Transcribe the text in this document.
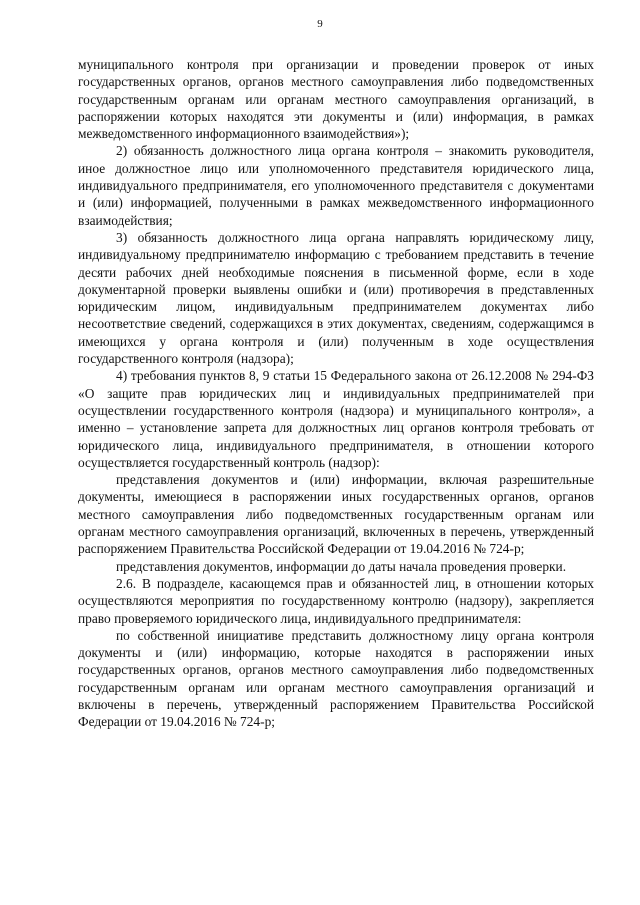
9

муниципального контроля при организации и проведении проверок от иных государственных органов, органов местного самоуправления либо подведомственных государственным органам или органам местного самоуправления организаций, в распоряжении которых находятся эти документы и (или) информация, в рамках межведомственного информационного взаимодействия»);

2) обязанность должностного лица органа контроля – знакомить руководителя, иное должностное лицо или уполномоченного представителя юридического лица, индивидуального предпринимателя, его уполномоченного представителя с документами и (или) информацией, полученными в рамках межведомственного информационного взаимодействия;

3) обязанность должностного лица органа направлять юридическому лицу, индивидуальному предпринимателю информацию с требованием представить в течение десяти рабочих дней необходимые пояснения в письменной форме, если в ходе документарной проверки выявлены ошибки и (или) противоречия в представленных юридическим лицом, индивидуальным предпринимателем документах либо несоответствие сведений, содержащихся в этих документах, сведениям, содержащимся в имеющихся у органа контроля и (или) полученным в ходе осуществления государственного контроля (надзора);

4) требования пунктов 8, 9 статьи 15 Федерального закона от 26.12.2008 № 294-ФЗ «О защите прав юридических лиц и индивидуальных предпринимателей при осуществлении государственного контроля (надзора) и муниципального контроля», а именно – установление запрета для должностных лиц органов контроля требовать от юридического лица, индивидуального предпринимателя, в отношении которого осуществляется государственный контроль (надзор):

представления документов и (или) информации, включая разрешительные документы, имеющиеся в распоряжении иных государственных органов, органов местного самоуправления либо подведомственных государственным органам или органам местного самоуправления организаций, включенных в перечень, утвержденный распоряжением Правительства Российской Федерации от 19.04.2016 № 724-р;

представления документов, информации до даты начала проведения проверки.

2.6. В подразделе, касающемся прав и обязанностей лиц, в отношении которых осуществляются мероприятия по государственному контролю (надзору), закрепляется право проверяемого юридического лица, индивидуального предпринимателя:

по собственной инициативе представить должностному лицу органа контроля документы и (или) информацию, которые находятся в распоряжении иных государственных органов, органов местного самоуправления либо подведомственных государственным органам или органам местного самоуправления организаций и включены в перечень, утвержденный распоряжением Правительства Российской Федерации от 19.04.2016 № 724-р;
